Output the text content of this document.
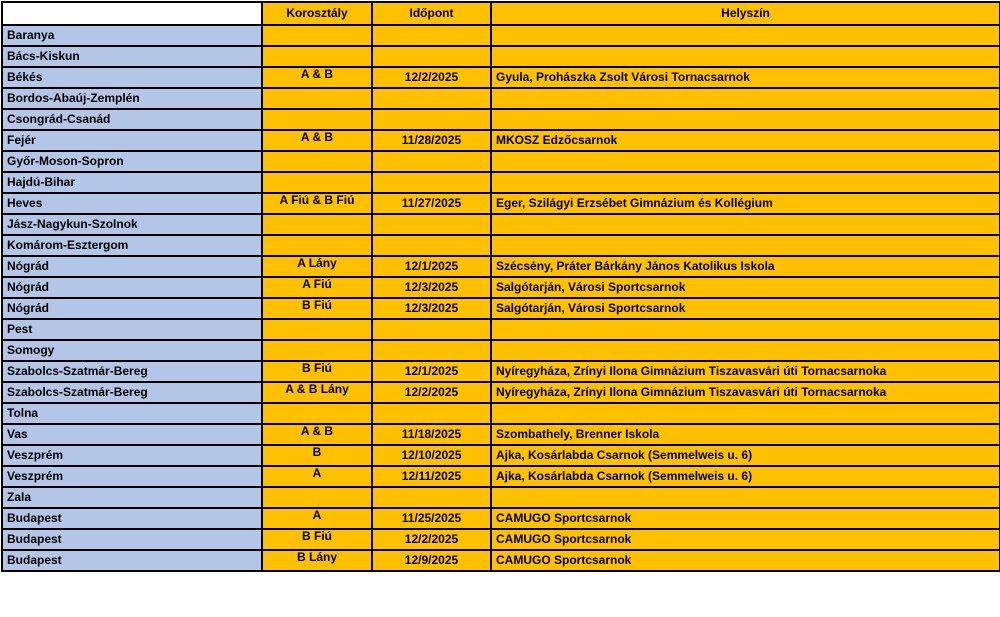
	Korosztály	Időpont	Helyszín
Baranya			
Bács-Kiskun			
Békés	A & B	12/2/2025	Gyula, Prohászka Zsolt Városi Tornacsarnok
Bordos-Abaúj-Zemplén			
Csongrád-Csanád			
Fejér	A & B	11/28/2025	MKOSZ Edzőcsarnok
Győr-Moson-Sopron			
Hajdú-Bihar			
Heves	A Fiú & B Fiú	11/27/2025	Eger, Szilágyi Erzsébet Gimnázium és Kollégium
Jász-Nagykun-Szolnok			
Komárom-Esztergom			
Nógrád	A Lány	12/1/2025	Szécsény, Práter Bárkány János Katolikus Iskola
Nógrád	A Fiú	12/3/2025	Salgótarján, Városi Sportcsarnok
Nógrád	B Fiú	12/3/2025	Salgótarján, Városi Sportcsarnok
Pest			
Somogy			
Szabolcs-Szatmár-Bereg	B Fiú	12/1/2025	Nyíregyháza, Zrínyi Ilona Gimnázium Tiszavasvári úti Tornacsarnoka
Szabolcs-Szatmár-Bereg	A & B Lány	12/2/2025	Nyíregyháza, Zrínyi Ilona Gimnázium Tiszavasvári úti Tornacsarnoka
Tolna			
Vas	A & B	11/18/2025	Szombathely, Brenner Iskola
Veszprém	B	12/10/2025	Ajka, Kosárlabda Csarnok (Semmelweis u. 6)
Veszprém	A	12/11/2025	Ajka, Kosárlabda Csarnok (Semmelweis u. 6)
Zala			
Budapest	A	11/25/2025	CAMUGO Sportcsarnok
Budapest	B Fiú	12/2/2025	CAMUGO Sportcsarnok
Budapest	B Lány	12/9/2025	CAMUGO Sportcsarnok
